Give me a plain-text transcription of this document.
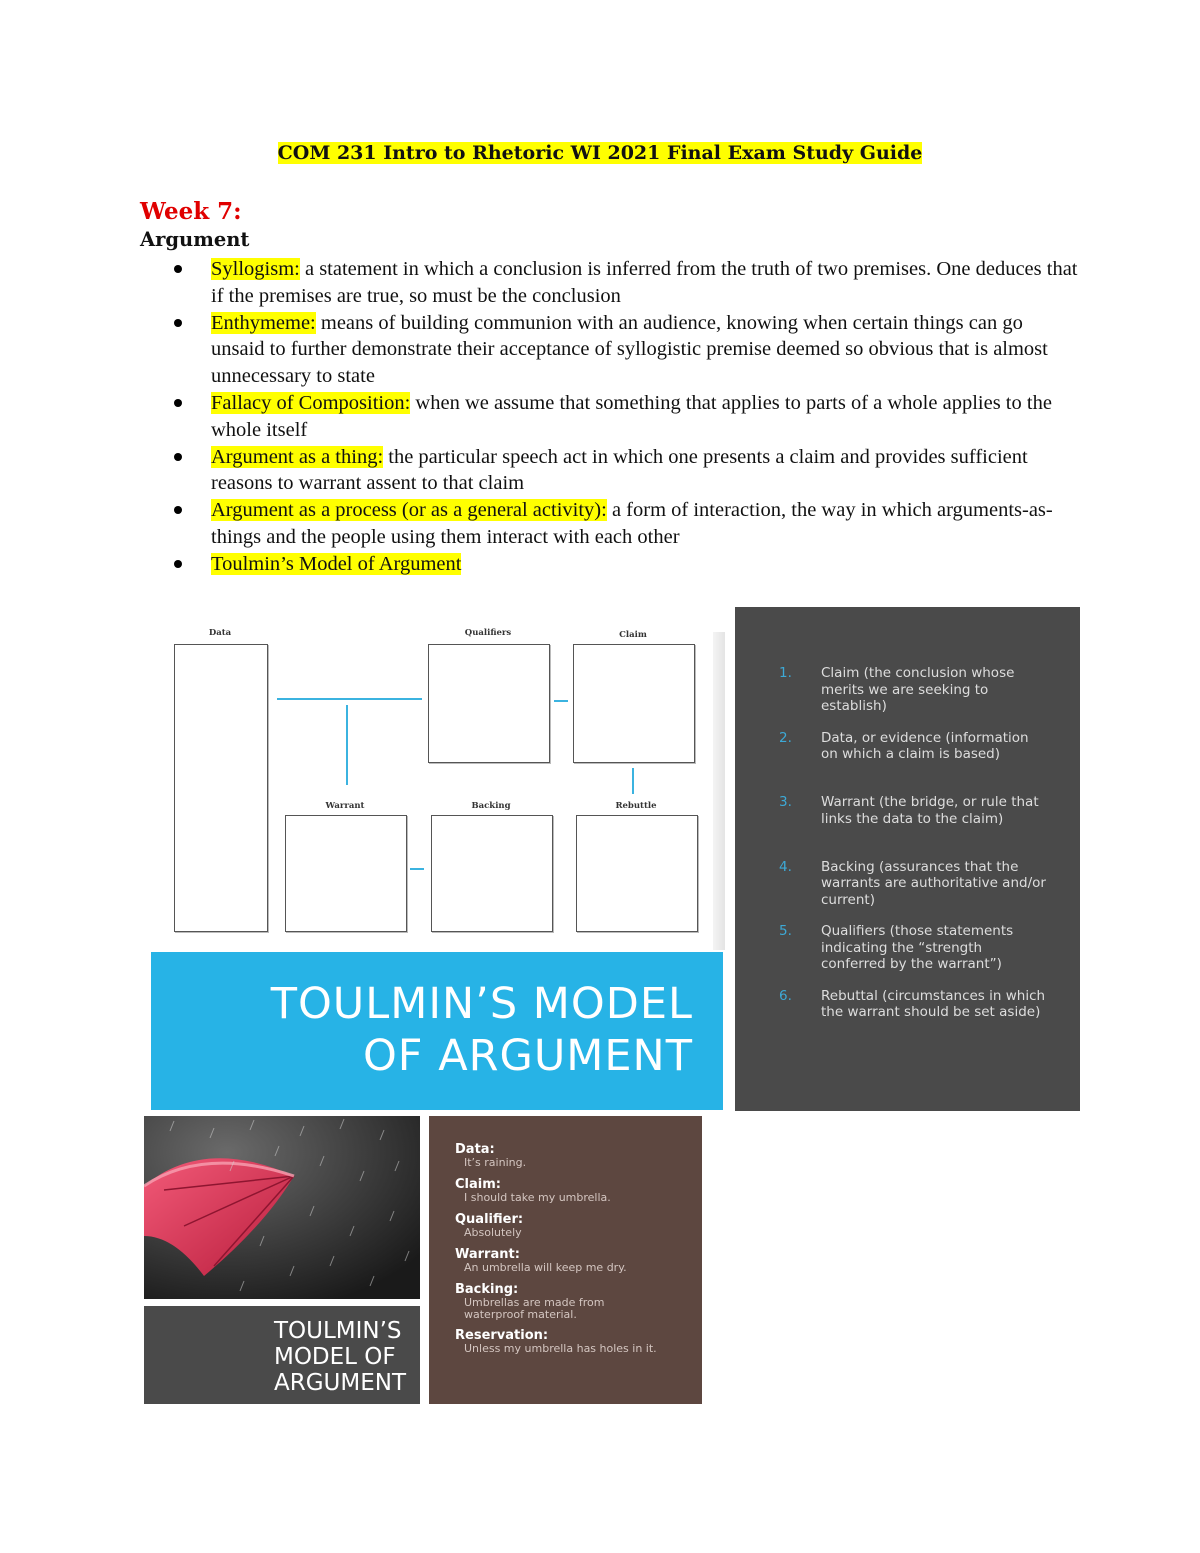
COM 231 Intro to Rhetoric WI 2021 Final Exam Study Guide
Week 7:
Argument
Syllogism: a statement in which a conclusion is inferred from the truth of two premises. One deduces that if the premises are true, so must be the conclusion
Enthymeme: means of building communion with an audience, knowing when certain things can go unsaid to further demonstrate their acceptance of syllogistic premise deemed so obvious that is almost unnecessary to state
Fallacy of Composition: when we assume that something that applies to parts of a whole applies to the whole itself
Argument as a thing: the particular speech act in which one presents a claim and provides sufficient reasons to warrant assent to that claim
Argument as a process (or as a general activity): a form of interaction, the way in which arguments-as-things and the people using them interact with each other
Toulmin’s Model of Argument
Data	Qualifiers	Claim
Warrant	Backing	Rebuttle
TOULMIN’S MODEL
OF ARGUMENT
1. Claim (the conclusion whose merits we are seeking to establish)
2. Data, or evidence (information on which a claim is based)
3. Warrant (the bridge, or rule that links the data to the claim)
4. Backing (assurances that the warrants are authoritative and/or current)
5. Qualifiers (those statements indicating the “strength conferred by the warrant”)
6. Rebuttal (circumstances in which the warrant should be set aside)
TOULMIN’S
MODEL OF
ARGUMENT
Data:
It’s raining.
Claim:
I should take my umbrella.
Qualifier:
Absolutely
Warrant:
An umbrella will keep me dry.
Backing:
Umbrellas are made from waterproof material.
Reservation:
Unless my umbrella has holes in it.
